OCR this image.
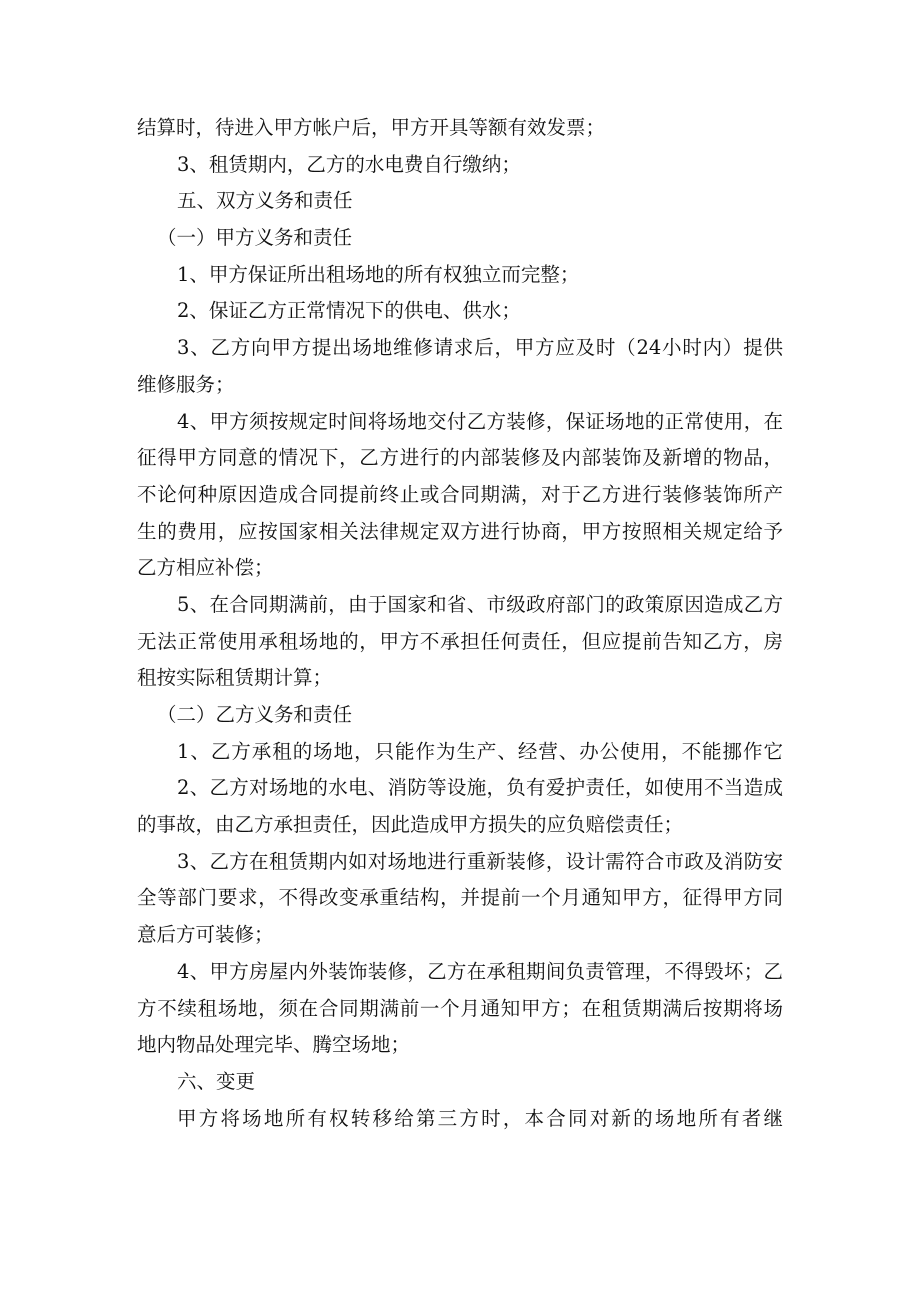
结算时，待进入甲方帐户后，甲方开具等额有效发票；
3、租赁期内，乙方的水电费自行缴纳；
五、双方义务和责任
（一）甲方义务和责任
1、甲方保证所出租场地的所有权独立而完整；
2、保证乙方正常情况下的供电、供水；
3、乙方向甲方提出场地维修请求后，甲方应及时（24小时内）提供
维修服务；
4、甲方须按规定时间将场地交付乙方装修，保证场地的正常使用，在
征得甲方同意的情况下，乙方进行的内部装修及内部装饰及新增的物品，
不论何种原因造成合同提前终止或合同期满，对于乙方进行装修装饰所产
生的费用，应按国家相关法律规定双方进行协商，甲方按照相关规定给予
乙方相应补偿；
5、在合同期满前，由于国家和省、市级政府部门的政策原因造成乙方
无法正常使用承租场地的，甲方不承担任何责任，但应提前告知乙方，房
租按实际租赁期计算；
（二）乙方义务和责任
1、乙方承租的场地，只能作为生产、经营、办公使用，不能挪作它
2、乙方对场地的水电、消防等设施，负有爱护责任，如使用不当造成
的事故，由乙方承担责任，因此造成甲方损失的应负赔偿责任；
3、乙方在租赁期内如对场地进行重新装修，设计需符合市政及消防安
全等部门要求，不得改变承重结构，并提前一个月通知甲方，征得甲方同
意后方可装修；
4、甲方房屋内外装饰装修，乙方在承租期间负责管理，不得毁坏；乙
方不续租场地，须在合同期满前一个月通知甲方；在租赁期满后按期将场
地内物品处理完毕、腾空场地；
六、变更
甲方将场地所有权转移给第三方时，本合同对新的场地所有者继
